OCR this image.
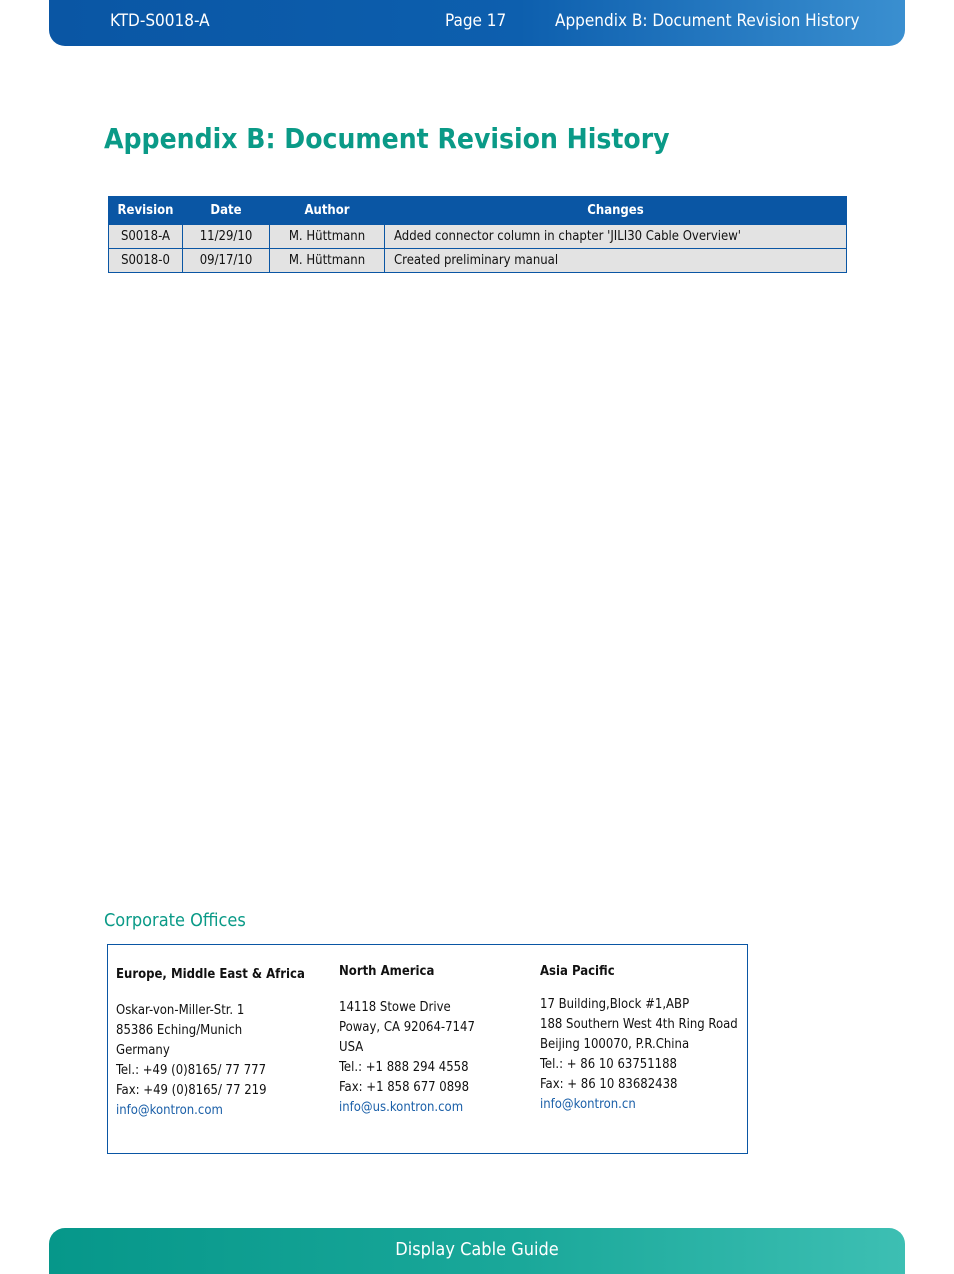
KTD-S0018-A	Page 17	Appendix B: Document Revision History
Appendix B: Document Revision History
Revision	Date	Author	Changes
S0018-A	11/29/10	M. Hüttmann	Added connector column in chapter 'JILI30 Cable Overview'
S0018-0	09/17/10	M. Hüttmann	Created preliminary manual
Corporate Offices
Europe, Middle East & Africa
Oskar-von-Miller-Str. 1
85386 Eching/Munich
Germany
Tel.: +49 (0)8165/ 77 777
Fax: +49 (0)8165/ 77 219
info@kontron.com
North America
14118 Stowe Drive
Poway, CA 92064-7147
USA
Tel.: +1 888 294 4558
Fax: +1 858 677 0898
info@us.kontron.com
Asia Pacific
17 Building,Block #1,ABP
188 Southern West 4th Ring Road
Beijing 100070, P.R.China
Tel.: + 86 10 63751188
Fax: + 86 10 83682438
info@kontron.cn
Display Cable Guide
